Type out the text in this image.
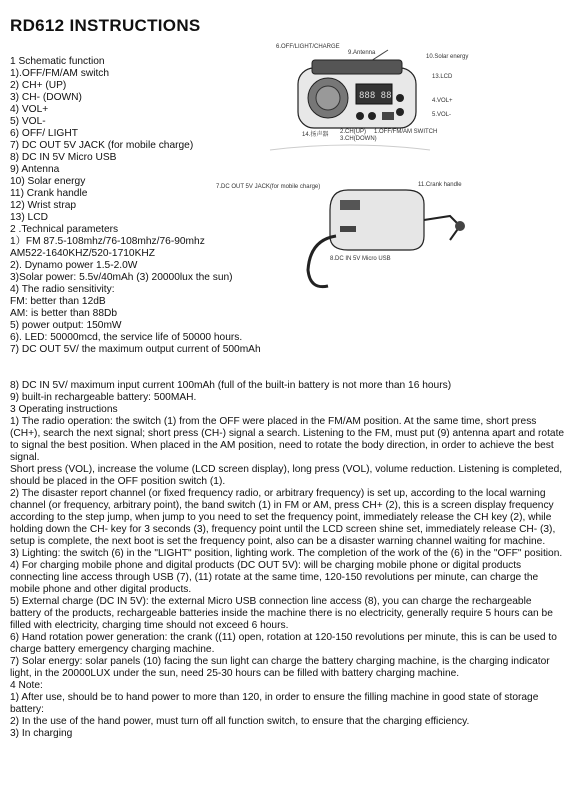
RD612 INSTRUCTIONS
1 Schematic function
1).OFF/FM/AM switch
2) CH+ (UP)
3) CH- (DOWN)
4) VOL+
5) VOL-
6) OFF/ LIGHT
7) DC OUT 5V JACK (for mobile charge)
8) DC IN 5V Micro USB
9) Antenna
10) Solar energy
11) Crank handle
12) Wrist strap
13) LCD
2 .Technical parameters
1）FM 87.5-108mhz/76-108mhz/76-90mhz
AM522-1640KHZ/520-1710KHZ
2). Dynamo power 1.5-2.0W
3)Solar power: 5.5v/40mAh (3) 20000lux the sun)
4) The radio sensitivity:
FM: better than 12dB
AM: is better than 88Db
5) power output: 150mW
6). LED: 50000mcd, the service life of 50000 hours.
7) DC OUT 5V/ the maximum output current of 500mAh
888 88
6.OFF/LIGHT/CHARGE
9.Antenna
10.Solar energy
13.LCD
4.VOL+
5.VOL-
14.扬声器 2.CH(UP)
3.CH(DOWN)
1.OFF/FM/AM SWITCH
7.DC OUT 5V JACK(for mobile charge)	11.Crank handle
8.DC IN 5V Micro USB
8) DC IN 5V/ maximum input current 100mAh (full of the built-in battery is not more than 16 hours)
9) built-in rechargeable battery: 500MAH.
3 Operating instructions
1) The radio operation: the switch (1) from the OFF were placed in the FM/AM position. At the same time, short press (CH+), search the next signal; short press (CH-) signal a search. Listening to the FM, must put (9) antenna apart and rotate to signal the best position. When placed in the AM position, need to rotate the body direction, in order to achieve the best signal.
Short press (VOL), increase the volume (LCD screen display), long press (VOL), volume reduction. Listening is completed, should be placed in the OFF position switch (1).
2) The disaster report channel (or fixed frequency radio, or arbitrary frequency) is set up, according to the local warning channel (or frequency, arbitrary point), the band switch (1) in FM or AM, press CH+ (2), this is a screen display frequency according to the step jump, when jump to you need to set the frequency point, immediately release the CH key (2), while holding down the CH- key for 3 seconds (3), frequency point until the LCD screen shine set, immediately release CH- (3), setup is complete, the next boot is set the frequency point, also can be a disaster warning channel waiting for machine.
3) Lighting: the switch (6) in the "LIGHT" position, lighting work. The completion of the work of the (6) in the "OFF" position.
4) For charging mobile phone and digital products (DC OUT 5V): will be charging mobile phone or digital products connecting line access through USB (7), (11) rotate at the same time, 120-150 revolutions per minute, can charge the mobile phone and other digital products.
5) External charge (DC IN 5V): the external Micro USB connection line access (8), you can charge the rechargeable battery of the products, rechargeable batteries inside the machine there is no electricity, generally require 5 hours can be filled with electricity, charging time should not exceed 6 hours.
6) Hand rotation power generation: the crank ((11) open, rotation at 120-150 revolutions per minute, this is can be used to charge battery emergency charging machine.
7) Solar energy: solar panels (10) facing the sun light can charge the battery charging machine, is the charging indicator light, in the 20000LUX under the sun, need 25-30 hours can be filled with battery charging machine.
4 Note:
1) After use, should be to hand power to more than 120, in order to ensure the filling machine in good state of storage battery:
2) In the use of the hand power, must turn off all function switch, to ensure that the charging efficiency.
3) In charging
